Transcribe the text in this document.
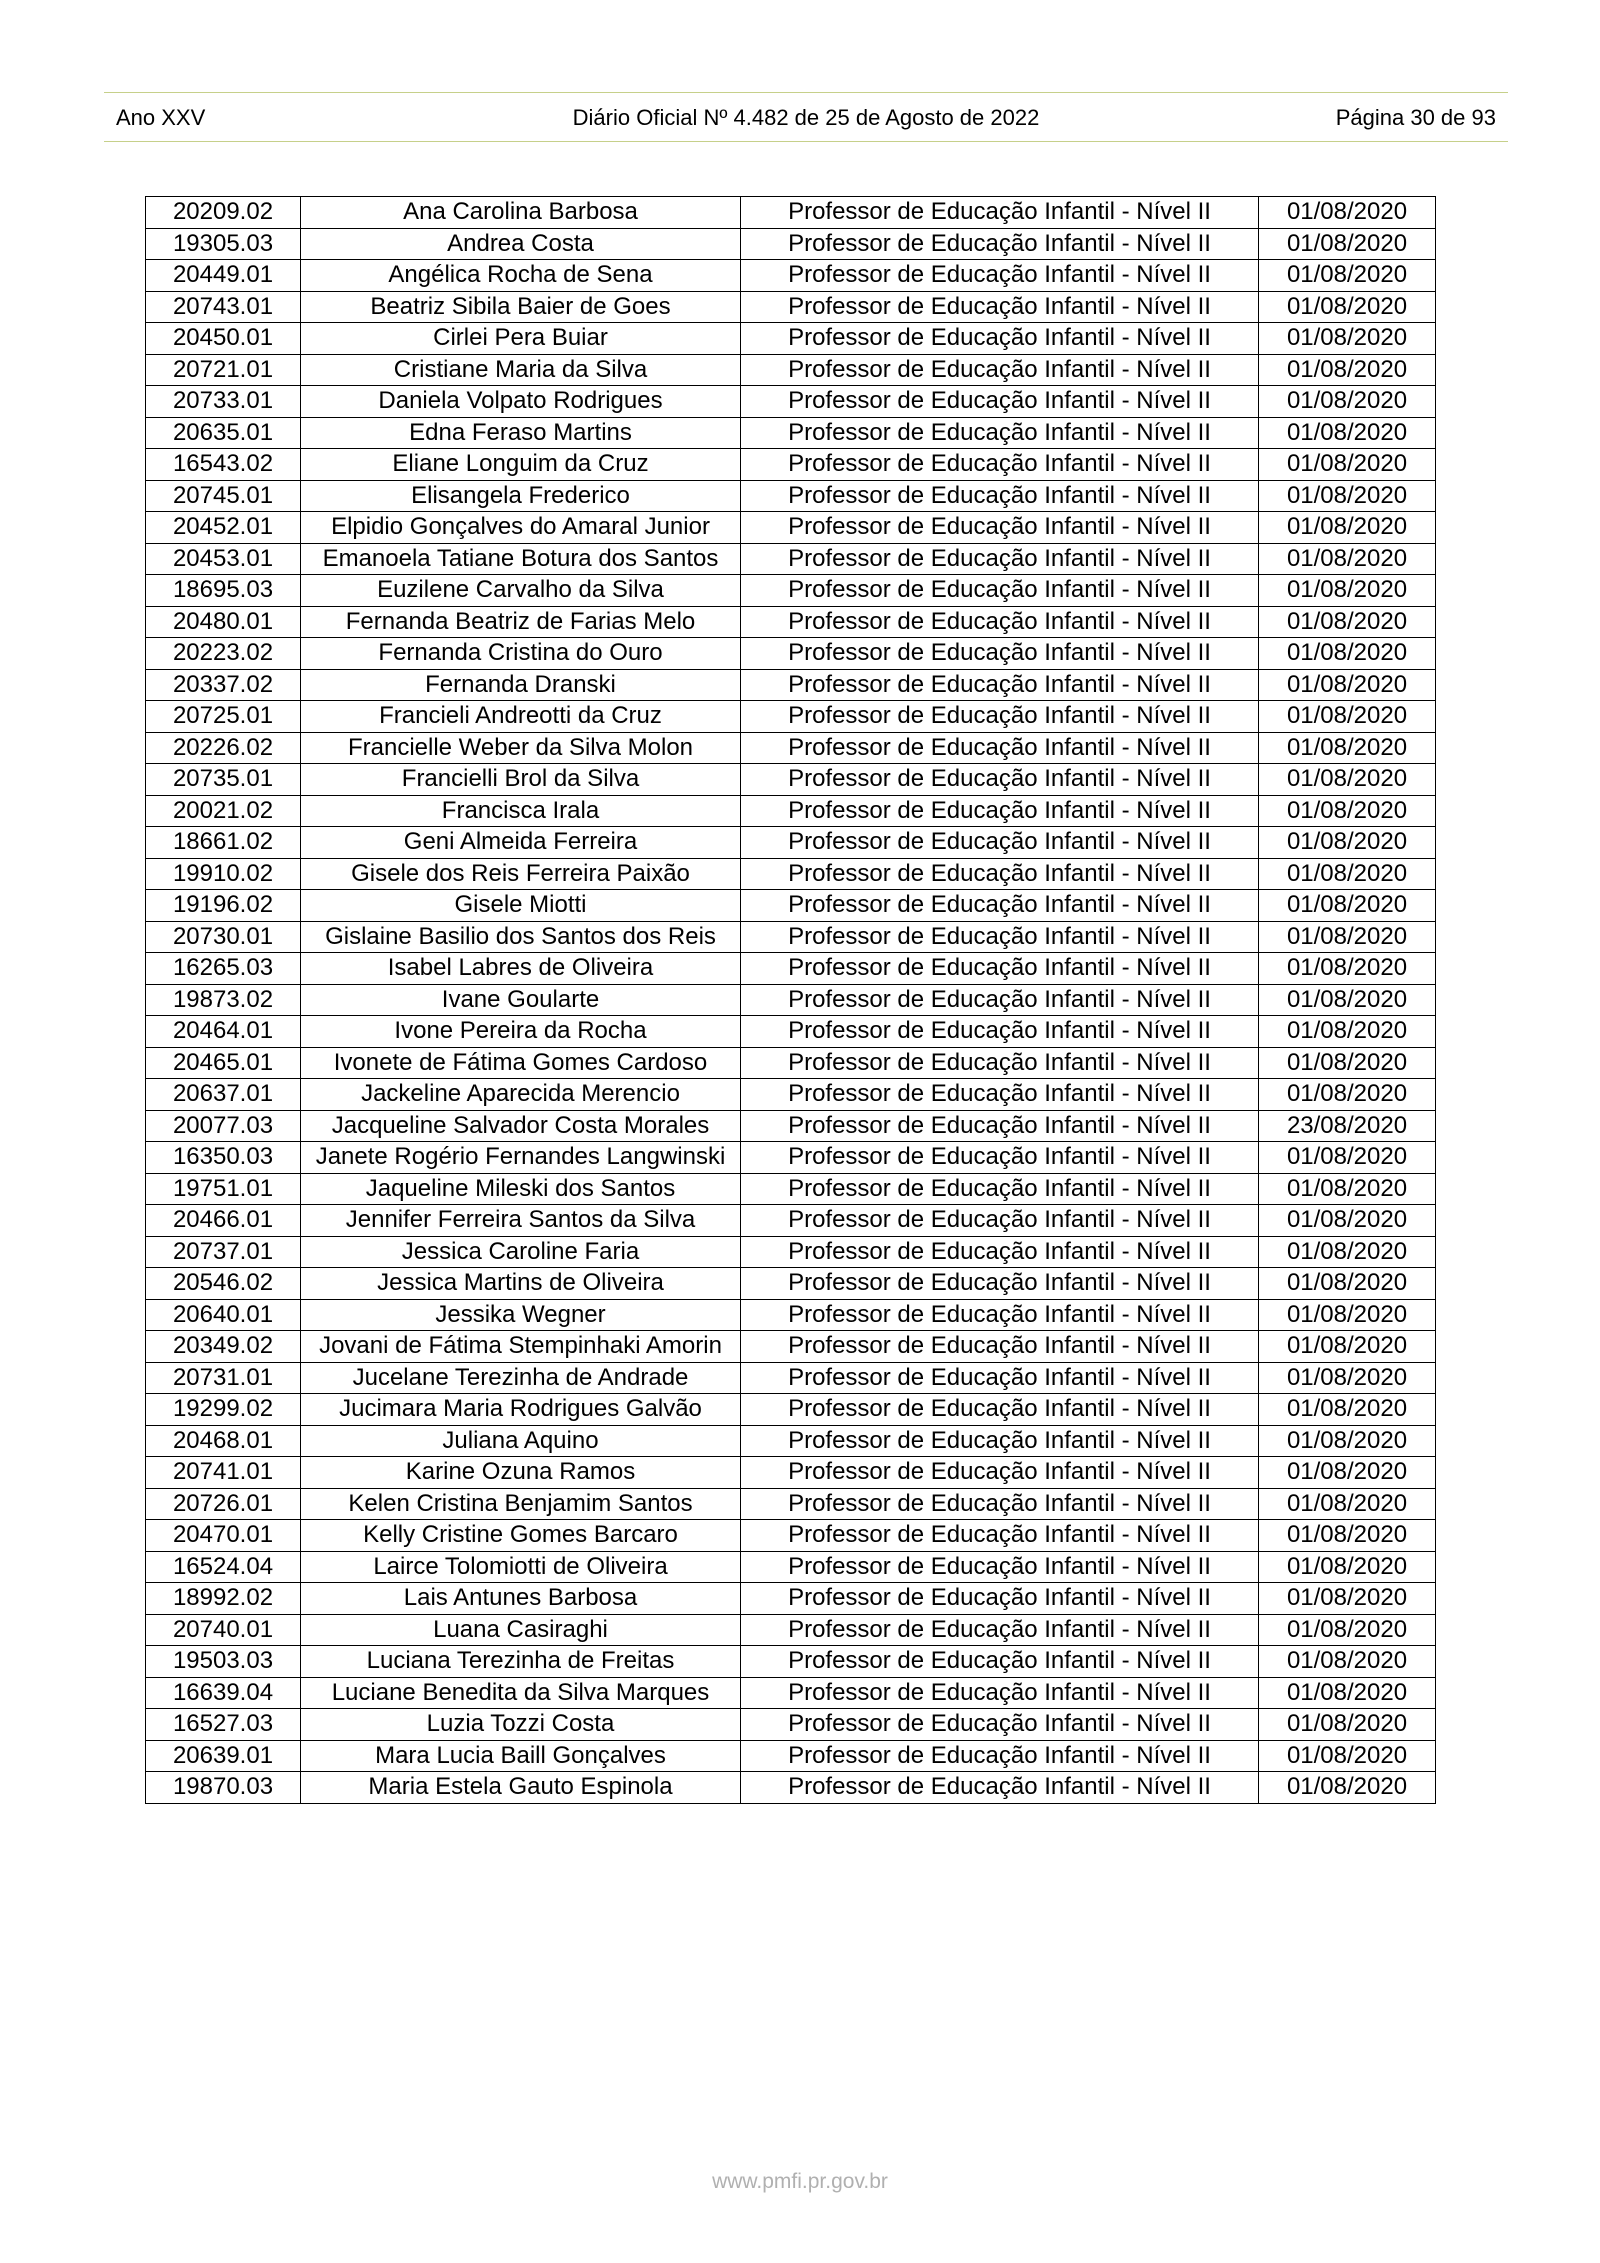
Ano XXV	Diário Oficial Nº 4.482 de 25 de Agosto de 2022	Página 30 de 93
20209.02	Ana Carolina Barbosa	Professor de Educação Infantil - Nível II	01/08/2020
19305.03	Andrea Costa	Professor de Educação Infantil - Nível II	01/08/2020
20449.01	Angélica Rocha de Sena	Professor de Educação Infantil - Nível II	01/08/2020
20743.01	Beatriz Sibila Baier de Goes	Professor de Educação Infantil - Nível II	01/08/2020
20450.01	Cirlei Pera Buiar	Professor de Educação Infantil - Nível II	01/08/2020
20721.01	Cristiane Maria da Silva	Professor de Educação Infantil - Nível II	01/08/2020
20733.01	Daniela Volpato Rodrigues	Professor de Educação Infantil - Nível II	01/08/2020
20635.01	Edna Feraso Martins	Professor de Educação Infantil - Nível II	01/08/2020
16543.02	Eliane Longuim da Cruz	Professor de Educação Infantil - Nível II	01/08/2020
20745.01	Elisangela Frederico	Professor de Educação Infantil - Nível II	01/08/2020
20452.01	Elpidio Gonçalves do Amaral Junior	Professor de Educação Infantil - Nível II	01/08/2020
20453.01	Emanoela Tatiane Botura dos Santos	Professor de Educação Infantil - Nível II	01/08/2020
18695.03	Euzilene Carvalho da Silva	Professor de Educação Infantil - Nível II	01/08/2020
20480.01	Fernanda Beatriz de Farias Melo	Professor de Educação Infantil - Nível II	01/08/2020
20223.02	Fernanda Cristina do Ouro	Professor de Educação Infantil - Nível II	01/08/2020
20337.02	Fernanda Dranski	Professor de Educação Infantil - Nível II	01/08/2020
20725.01	Francieli Andreotti da Cruz	Professor de Educação Infantil - Nível II	01/08/2020
20226.02	Francielle Weber da Silva Molon	Professor de Educação Infantil - Nível II	01/08/2020
20735.01	Francielli Brol da Silva	Professor de Educação Infantil - Nível II	01/08/2020
20021.02	Francisca Irala	Professor de Educação Infantil - Nível II	01/08/2020
18661.02	Geni Almeida Ferreira	Professor de Educação Infantil - Nível II	01/08/2020
19910.02	Gisele dos Reis Ferreira Paixão	Professor de Educação Infantil - Nível II	01/08/2020
19196.02	Gisele Miotti	Professor de Educação Infantil - Nível II	01/08/2020
20730.01	Gislaine Basilio dos Santos dos Reis	Professor de Educação Infantil - Nível II	01/08/2020
16265.03	Isabel Labres de Oliveira	Professor de Educação Infantil - Nível II	01/08/2020
19873.02	Ivane Goularte	Professor de Educação Infantil - Nível II	01/08/2020
20464.01	Ivone Pereira da Rocha	Professor de Educação Infantil - Nível II	01/08/2020
20465.01	Ivonete de Fátima Gomes Cardoso	Professor de Educação Infantil - Nível II	01/08/2020
20637.01	Jackeline Aparecida Merencio	Professor de Educação Infantil - Nível II	01/08/2020
20077.03	Jacqueline Salvador Costa Morales	Professor de Educação Infantil - Nível II	23/08/2020
16350.03	Janete Rogério Fernandes Langwinski	Professor de Educação Infantil - Nível II	01/08/2020
19751.01	Jaqueline Mileski dos Santos	Professor de Educação Infantil - Nível II	01/08/2020
20466.01	Jennifer Ferreira Santos da Silva	Professor de Educação Infantil - Nível II	01/08/2020
20737.01	Jessica Caroline Faria	Professor de Educação Infantil - Nível II	01/08/2020
20546.02	Jessica Martins de Oliveira	Professor de Educação Infantil - Nível II	01/08/2020
20640.01	Jessika Wegner	Professor de Educação Infantil - Nível II	01/08/2020
20349.02	Jovani de Fátima Stempinhaki Amorin	Professor de Educação Infantil - Nível II	01/08/2020
20731.01	Jucelane Terezinha de Andrade	Professor de Educação Infantil - Nível II	01/08/2020
19299.02	Jucimara Maria Rodrigues Galvão	Professor de Educação Infantil - Nível II	01/08/2020
20468.01	Juliana Aquino	Professor de Educação Infantil - Nível II	01/08/2020
20741.01	Karine Ozuna Ramos	Professor de Educação Infantil - Nível II	01/08/2020
20726.01	Kelen Cristina Benjamim Santos	Professor de Educação Infantil - Nível II	01/08/2020
20470.01	Kelly Cristine Gomes Barcaro	Professor de Educação Infantil - Nível II	01/08/2020
16524.04	Lairce Tolomiotti de Oliveira	Professor de Educação Infantil - Nível II	01/08/2020
18992.02	Lais Antunes Barbosa	Professor de Educação Infantil - Nível II	01/08/2020
20740.01	Luana Casiraghi	Professor de Educação Infantil - Nível II	01/08/2020
19503.03	Luciana Terezinha de Freitas	Professor de Educação Infantil - Nível II	01/08/2020
16639.04	Luciane Benedita da Silva Marques	Professor de Educação Infantil - Nível II	01/08/2020
16527.03	Luzia Tozzi Costa	Professor de Educação Infantil - Nível II	01/08/2020
20639.01	Mara Lucia Baill Gonçalves	Professor de Educação Infantil - Nível II	01/08/2020
19870.03	Maria Estela Gauto Espinola	Professor de Educação Infantil - Nível II	01/08/2020
www.pmfi.pr.gov.br
